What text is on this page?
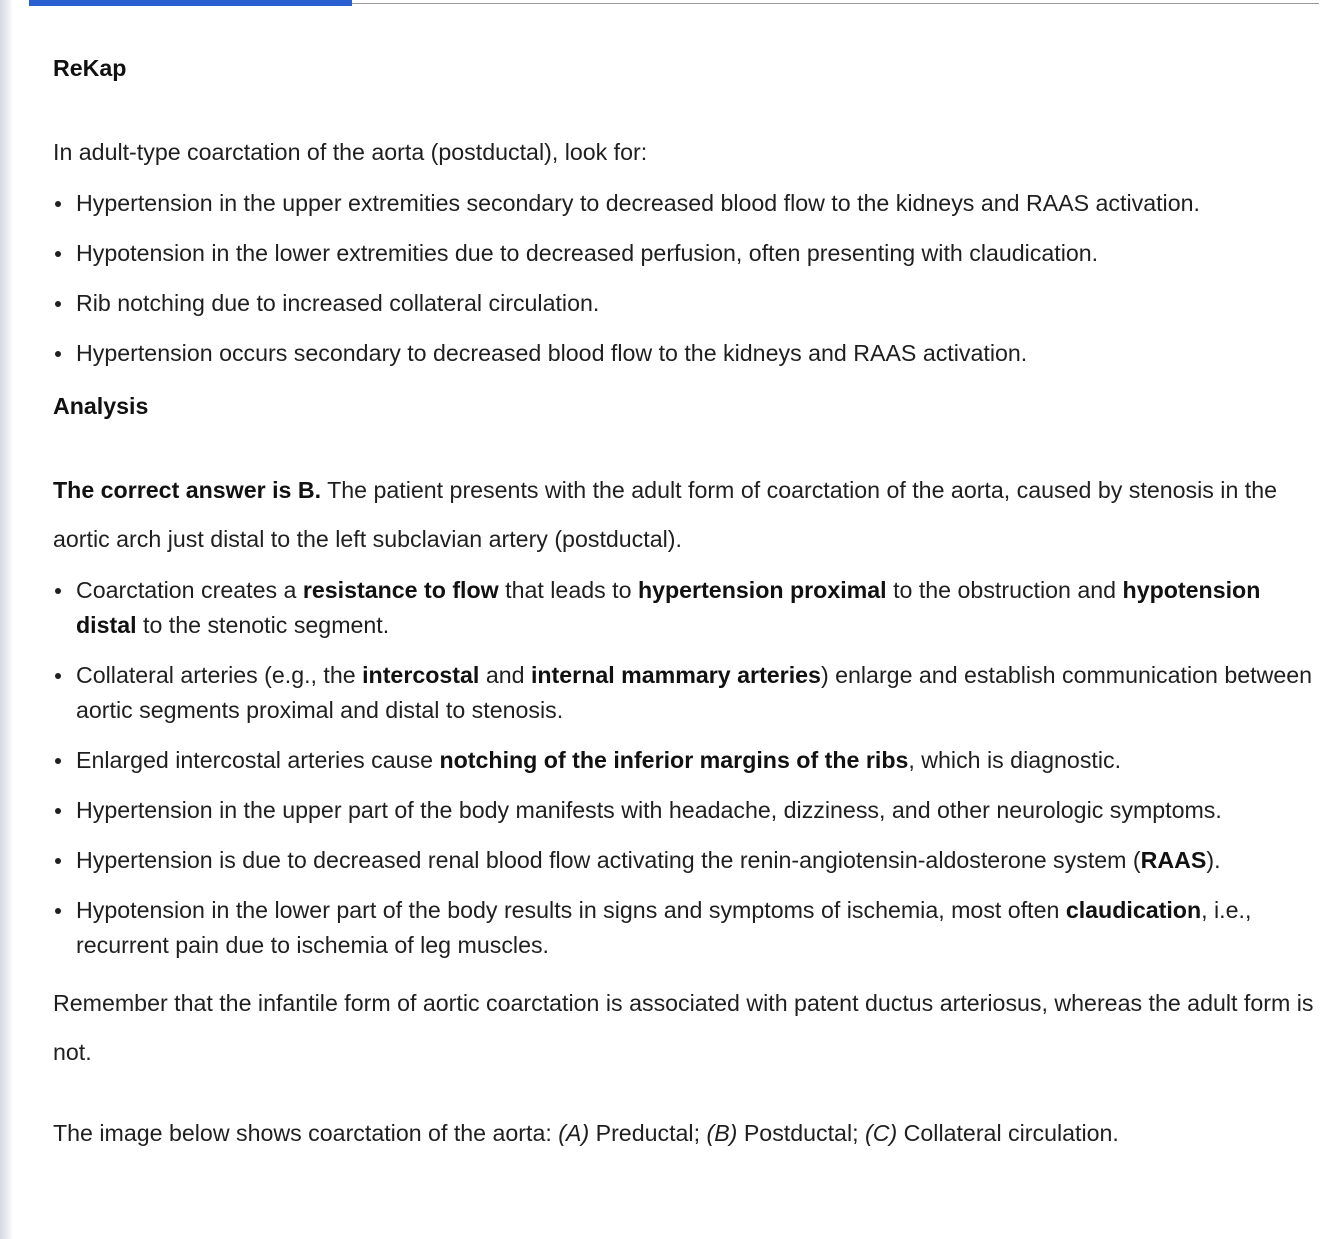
ReKap

In adult-type coarctation of the aorta (postductal), look for:

Hypertension in the upper extremities secondary to decreased blood flow to the kidneys and RAAS activation.
Hypotension in the lower extremities due to decreased perfusion, often presenting with claudication.
Rib notching due to increased collateral circulation.
Hypertension occurs secondary to decreased blood flow to the kidneys and RAAS activation.
Analysis

The correct answer is B. The patient presents with the adult form of coarctation of the aorta, caused by stenosis in the aortic arch just distal to the left subclavian artery (postductal).

Coarctation creates a resistance to flow that leads to hypertension proximal to the obstruction and hypotension distal to the stenotic segment.
Collateral arteries (e.g., the intercostal and internal mammary arteries) enlarge and establish communication between aortic segments proximal and distal to stenosis.
Enlarged intercostal arteries cause notching of the inferior margins of the ribs, which is diagnostic.
Hypertension in the upper part of the body manifests with headache, dizziness, and other neurologic symptoms.
Hypertension is due to decreased renal blood flow activating the renin-angiotensin-aldosterone system (RAAS).
Hypotension in the lower part of the body results in signs and symptoms of ischemia, most often claudication, i.e., recurrent pain due to ischemia of leg muscles.

Remember that the infantile form of aortic coarctation is associated with patent ductus arteriosus, whereas the adult form is not.

The image below shows coarctation of the aorta: (A) Preductal; (B) Postductal; (C) Collateral circulation.
